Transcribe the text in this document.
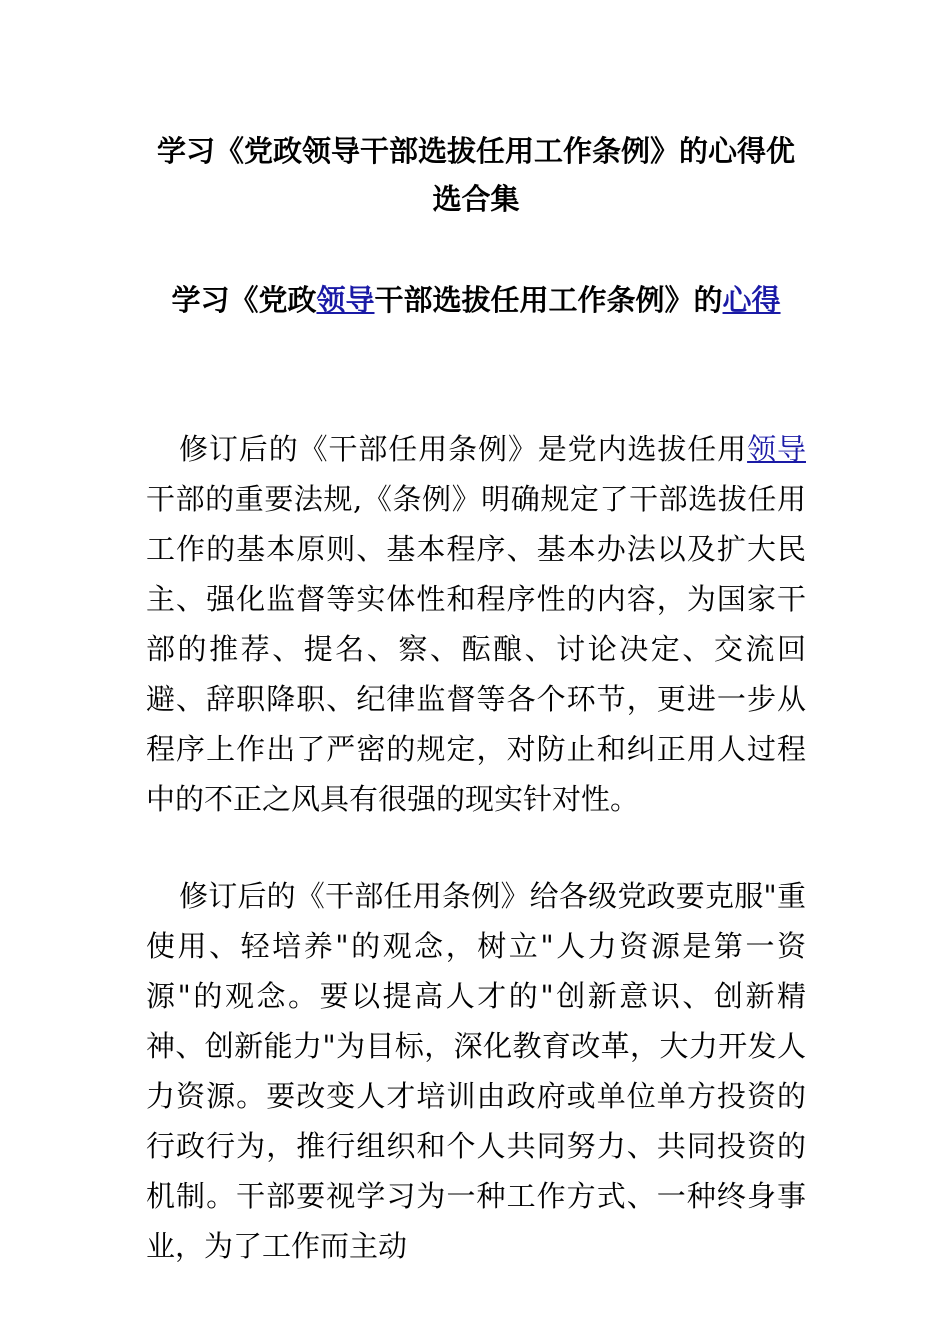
学习《党政领导干部选拔任用工作条例》的心得优选合集
学习《党政领导干部选拔任用工作条例》的心得

修订后的《干部任用条例》是党内选拔任用领导干部的重要法规,《条例》明确规定了干部选拔任用工作的基本原则、基本程序、基本办法以及扩大民主、强化监督等实体性和程序性的内容，为国家干部的推荐、提名、察、酝酿、讨论决定、交流回避、辞职降职、纪律监督等各个环节，更进一步从程序上作出了严密的规定，对防止和纠正用人过程中的不正之风具有很强的现实针对性。

修订后的《干部任用条例》给各级党政要克服"重使用、轻培养"的观念，树立"人力资源是第一资源"的观念。要以提高人才的"创新意识、创新精神、创新能力"为目标，深化教育改革，大力开发人力资源。要改变人才培训由政府或单位单方投资的行政行为，推行组织和个人共同努力、共同投资的机制。干部要视学习为一种工作方式、一种终身事业，为了工作而主动
